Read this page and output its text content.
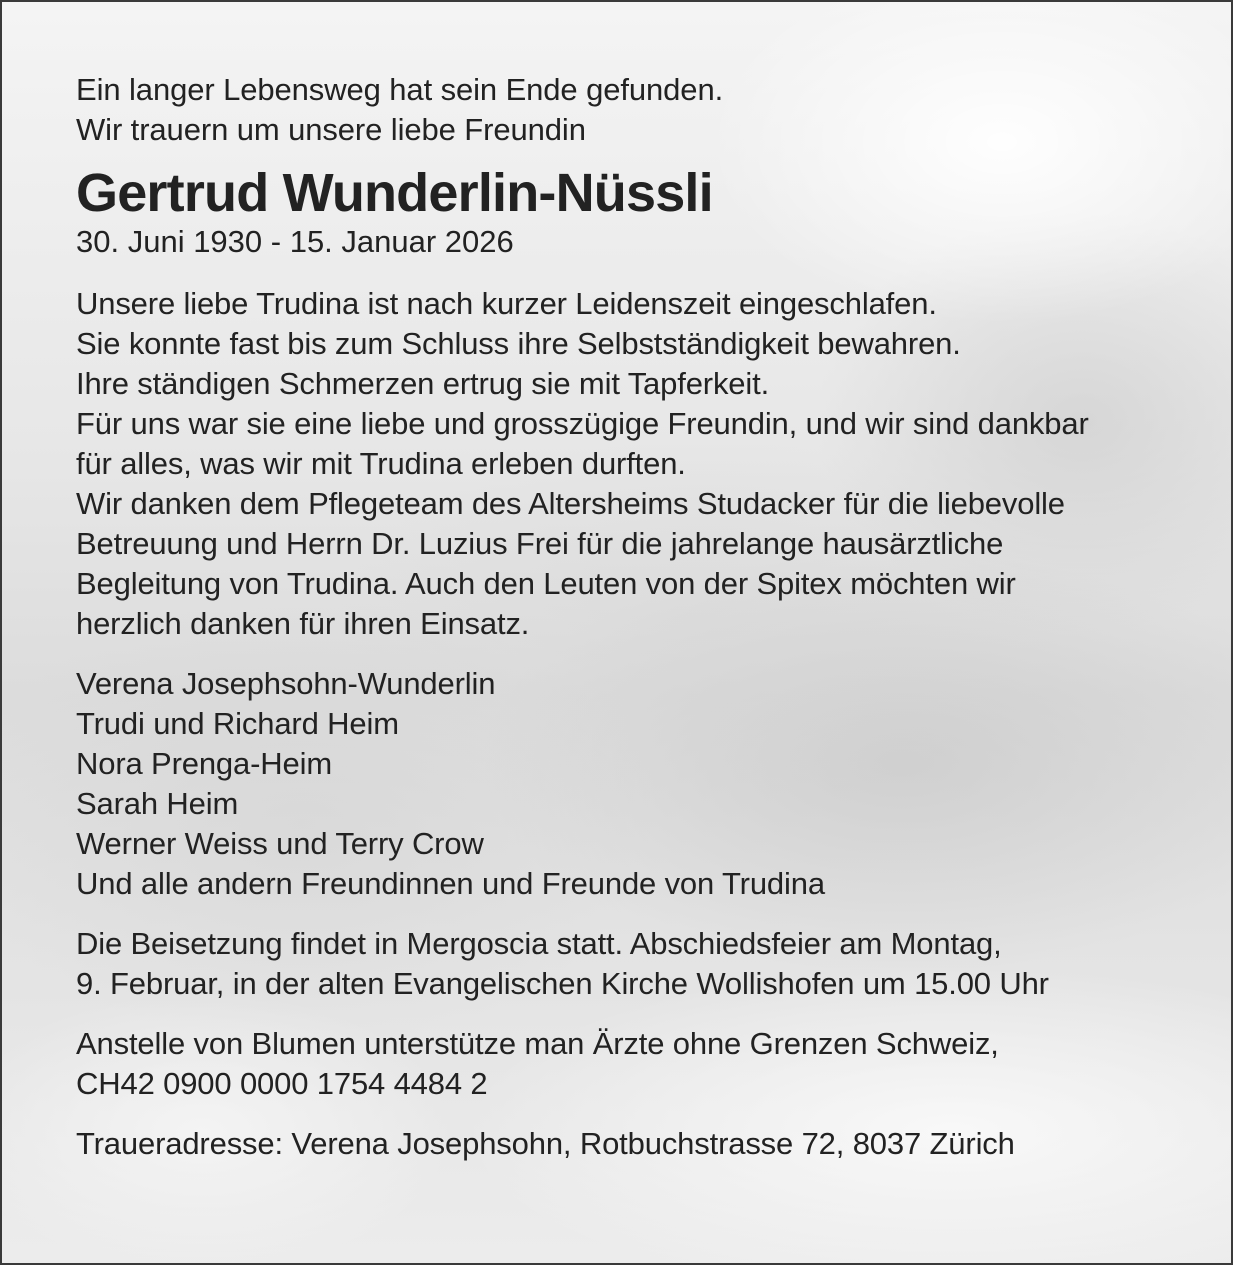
Ein langer Lebensweg hat sein Ende gefunden.
Wir trauern um unsere liebe Freundin
Gertrud Wunderlin-Nüssli
30. Juni 1930 - 15. Januar 2026
Unsere liebe Trudina ist nach kurzer Leidenszeit eingeschlafen.
Sie konnte fast bis zum Schluss ihre Selbstständigkeit bewahren.
Ihre ständigen Schmerzen ertrug sie mit Tapferkeit.
Für uns war sie eine liebe und grosszügige Freundin, und wir sind dankbar
für alles, was wir mit Trudina erleben durften.
Wir danken dem Pflegeteam des Altersheims Studacker für die liebevolle
Betreuung und Herrn Dr. Luzius Frei für die jahrelange hausärztliche
Begleitung von Trudina. Auch den Leuten von der Spitex möchten wir
herzlich danken für ihren Einsatz.
Verena Josephsohn-Wunderlin
Trudi und Richard Heim
Nora Prenga-Heim
Sarah Heim
Werner Weiss und Terry Crow
Und alle andern Freundinnen und Freunde von Trudina
Die Beisetzung findet in Mergoscia statt. Abschiedsfeier am Montag,
9. Februar, in der alten Evangelischen Kirche Wollishofen um 15.00 Uhr
Anstelle von Blumen unterstütze man Ärzte ohne Grenzen Schweiz,
CH42 0900 0000 1754 4484 2
Traueradresse: Verena Josephsohn, Rotbuchstrasse 72, 8037 Zürich
